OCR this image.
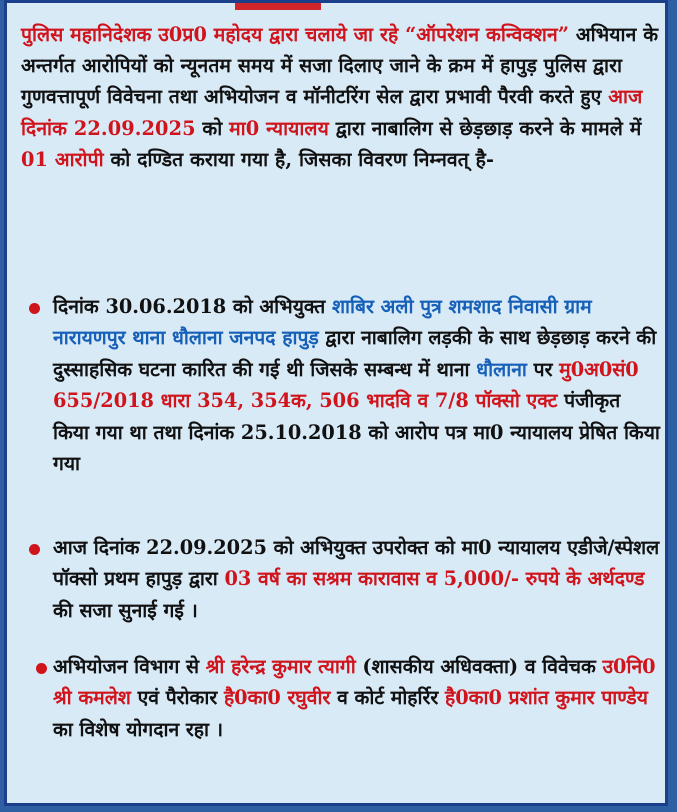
पुलिस महानिदेशक उ0प्र0 महोदय द्वारा चलाये जा रहे “ऑपरेशन कन्विक्शन” अभियान के अन्तर्गत आरोपियों को न्यूनतम समय में सजा दिलाए जाने के क्रम में हापुड़ पुलिस द्वारा गुणवत्तापूर्ण विवेचना तथा अभियोजन व मॉनीटरिंग सेल द्वारा प्रभावी पैरवी करते हुए आज दिनांक 22.09.2025 को मा0 न्यायालय द्वारा नाबालिग से छेड़छाड़ करने के मामले में 01 आरोपी को दण्डित कराया गया है, जिसका विवरण निम्नवत् है-
दिनांक 30.06.2018 को अभियुक्त शाबिर अली पुत्र शमशाद निवासी ग्राम नारायणपुर थाना धौलाना जनपद हापुड़ द्वारा नाबालिग लड़की के साथ छेड़छाड़ करने की दुस्साहसिक घटना कारित की गई थी जिसके सम्बन्ध में थाना धौलाना पर मु0अ0सं0 655/2018 धारा 354, 354क, 506 भादवि व 7/8 पॉक्सो एक्ट पंजीकृत किया गया था तथा दिनांक 25.10.2018 को आरोप पत्र मा0 न्यायालय प्रेषित किया गया
आज दिनांक 22.09.2025 को अभियुक्त उपरोक्त को मा0 न्यायालय एडीजे/स्पेशल पॉक्सो प्रथम हापुड़ द्वारा 03 वर्ष का सश्रम कारावास व 5,000/- रुपये के अर्थदण्ड की सजा सुनाई गई ।
अभियोजन विभाग से श्री हरेन्द्र कुमार त्यागी (शासकीय अधिवक्ता) व विवेचक उ0नि0 श्री कमलेश एवं पैरोकार है0का0 रघुवीर व कोर्ट मोहर्रिर है0का0 प्रशांत कुमार पाण्डेय का विशेष योगदान रहा ।
